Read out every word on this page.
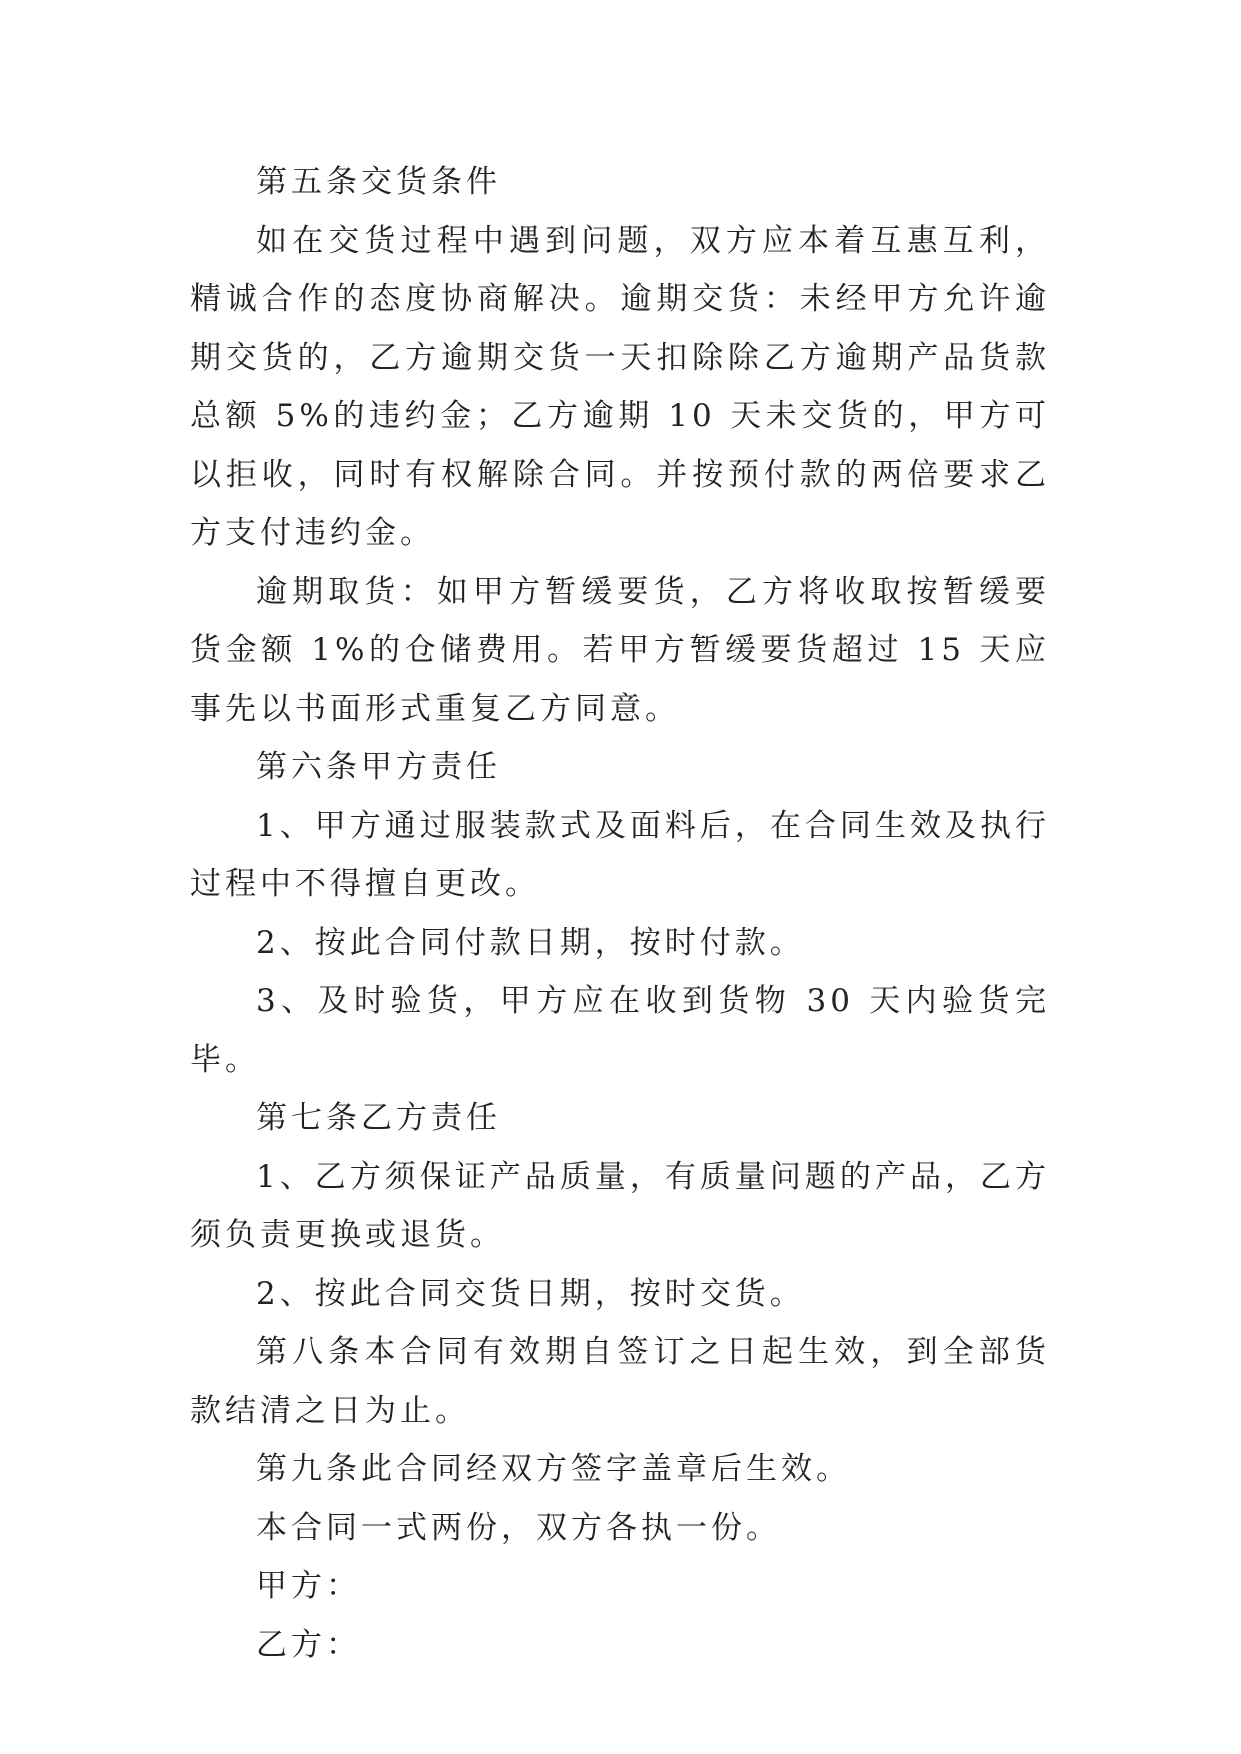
第五条交货条件

如在交货过程中遇到问题，双方应本着互惠互利，精诚合作的态度协商解决。逾期交货：未经甲方允许逾期交货的，乙方逾期交货一天扣除除乙方逾期产品货款总额 5%的违约金；乙方逾期 10 天未交货的，甲方可以拒收，同时有权解除合同。并按预付款的两倍要求乙方支付违约金。

逾期取货：如甲方暂缓要货，乙方将收取按暂缓要货金额 1%的仓储费用。若甲方暂缓要货超过 15 天应事先以书面形式重复乙方同意。

第六条甲方责任

1、甲方通过服装款式及面料后，在合同生效及执行过程中不得擅自更改。

2、按此合同付款日期，按时付款。

3、及时验货，甲方应在收到货物 30 天内验货完毕。

第七条乙方责任

1、乙方须保证产品质量，有质量问题的产品，乙方须负责更换或退货。

2、按此合同交货日期，按时交货。

第八条本合同有效期自签订之日起生效，到全部货款结清之日为止。

第九条此合同经双方签字盖章后生效。

本合同一式两份，双方各执一份。

甲方：

乙方：
